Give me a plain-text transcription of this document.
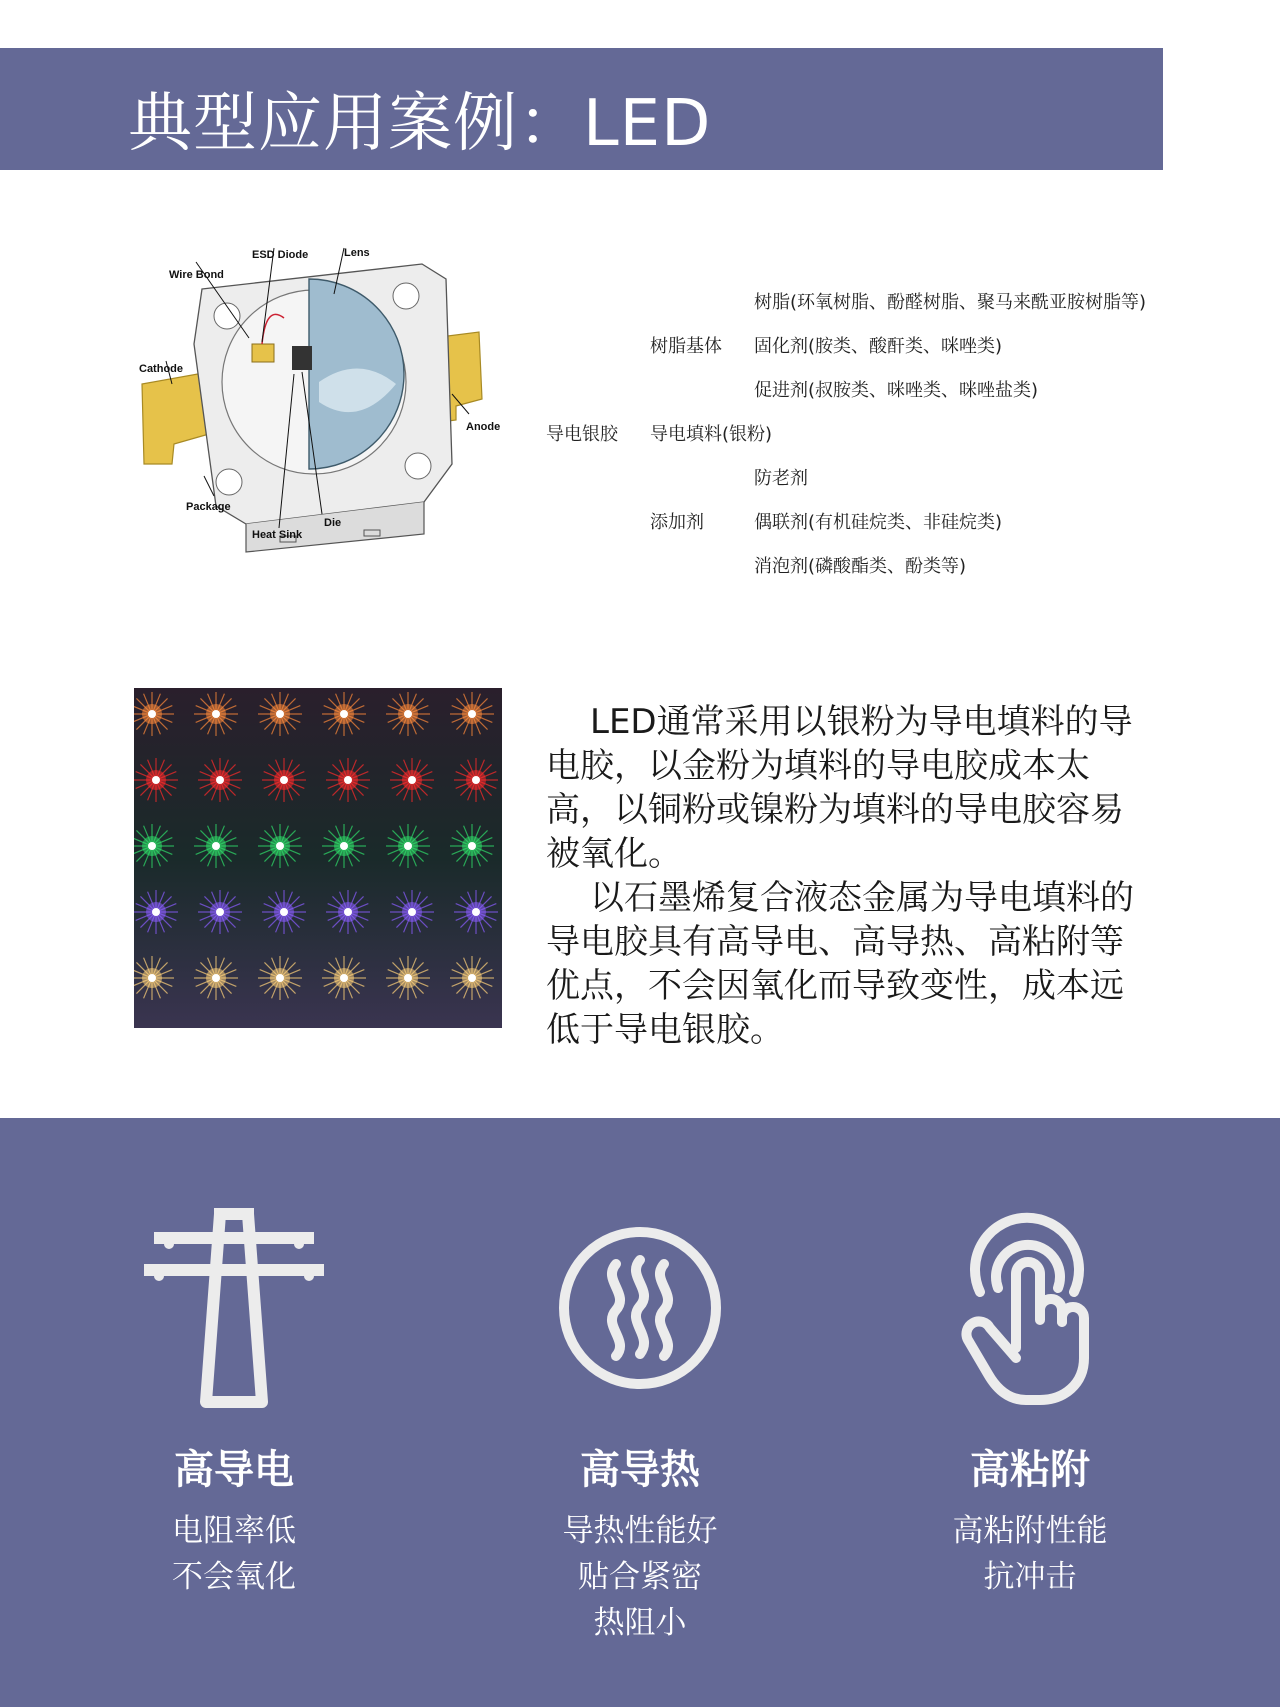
典型应用案例：LED
ESD Diode	Lens
Wire Bond
Cathode
Anode
Package
Heat Sink
Die
树脂(环氧树脂、酚醛树脂、聚马来酰亚胺树脂等)
树脂基体 固化剂(胺类、酸酐类、咪唑类)
促进剂(叔胺类、咪唑类、咪唑盐类)
导电银胶 导电填料(银粉)
防老剂
添加剂	偶联剂(有机硅烷类、非硅烷类)
消泡剂(磷酸酯类、酚类等)

LED通常采用以银粉为导电填料的导电胶，以金粉为填料的导电胶成本太高，以铜粉或镍粉为填料的导电胶容易被氧化。

以石墨烯复合液态金属为导电填料的导电胶具有高导电、高导热、高粘附等优点，不会因氧化而导致变性，成本远低于导电银胶。

高导电
电阻率低
不会氧化
高导热
导热性能好
贴合紧密
热阻小
高粘附
高粘附性能
抗冲击
